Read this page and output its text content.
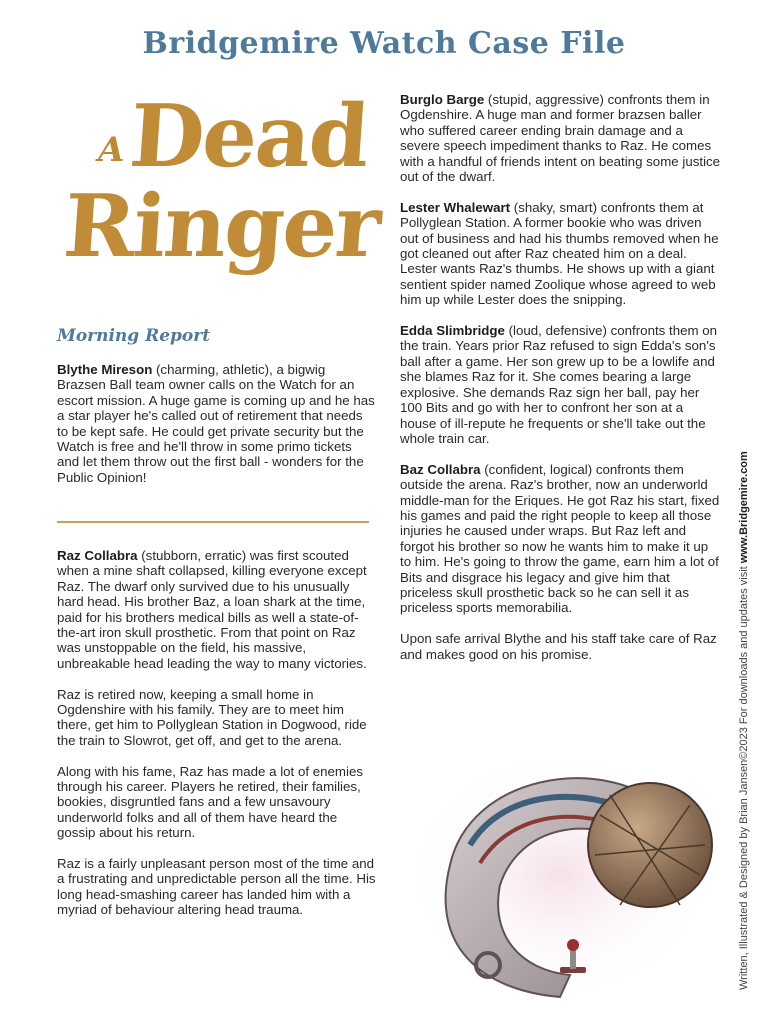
Bridgemire Watch Case File
A Dead
Ringer
Morning Report

Blythe Mireson (charming, athletic), a bigwig Brazsen Ball team owner calls on the Watch for an escort mission. A huge game is coming up and he has a star player he's called out of retirement that needs to be kept safe. He could get private security but the Watch is free and he'll throw in some primo tickets and let them throw out the first ball - wonders for the Public Opinion!

Raz Collabra (stubborn, erratic) was first scouted when a mine shaft collapsed, killing everyone except Raz. The dwarf only survived due to his unusually hard head. His brother Baz, a loan shark at the time, paid for his brothers medical bills as well a state-of-the-art iron skull prosthetic. From that point on Raz was unstoppable on the field, his massive, unbreakable head leading the way to many victories.

Raz is retired now, keeping a small home in Ogdenshire with his family. They are to meet him there, get him to Pollyglean Station in Dogwood, ride the train to Slowrot, get off, and get to the arena.

Along with his fame, Raz has made a lot of enemies through his career. Players he retired, their families, bookies, disgruntled fans and a few unsavoury underworld folks and all of them have heard the gossip about his return.

Raz is a fairly unpleasant person most of the time and a frustrating and unpredictable person all the time. His long head-smashing career has landed him with a myriad of behaviour altering head trauma.

Burglo Barge (stupid, aggressive) confronts them in Ogdenshire. A huge man and former brazsen baller who suffered career ending brain damage and a severe speech impediment thanks to Raz. He comes with a handful of friends intent on beating some justice out of the dwarf.

Lester Whalewart (shaky, smart) confronts them at Pollyglean Station. A former bookie who was driven out of business and had his thumbs removed when he got cleaned out after Raz cheated him on a deal. Lester wants Raz's thumbs. He shows up with a giant sentient spider named Zoolique whose agreed to web him up while Lester does the snipping.

Edda Slimbridge (loud, defensive) confronts them on the train. Years prior Raz refused to sign Edda's son's ball after a game. Her son grew up to be a lowlife and she blames Raz for it. She comes bearing a large explosive. She demands Raz sign her ball, pay her 100 Bits and go with her to confront her son at a house of ill-repute he frequents or she'll take out the whole train car.

Baz Collabra (confident, logical) confronts them outside the arena. Raz's brother, now an underworld middle-man for the Eriques. He got Raz his start, fixed his games and paid the right people to keep all those injuries he caused under wraps. But Raz left and forgot his brother so now he wants him to make it up to him. He's going to throw the game, earn him a lot of Bits and disgrace his legacy and give him that priceless skull prosthetic back so he can sell it as priceless sports memorabilia.

Upon safe arrival Blythe and his staff take care of Raz and makes good on his promise.	Written, Illustrated & Designed by Brian Jansen©2023 For downloads and updates visit www.Bridgemire.com
